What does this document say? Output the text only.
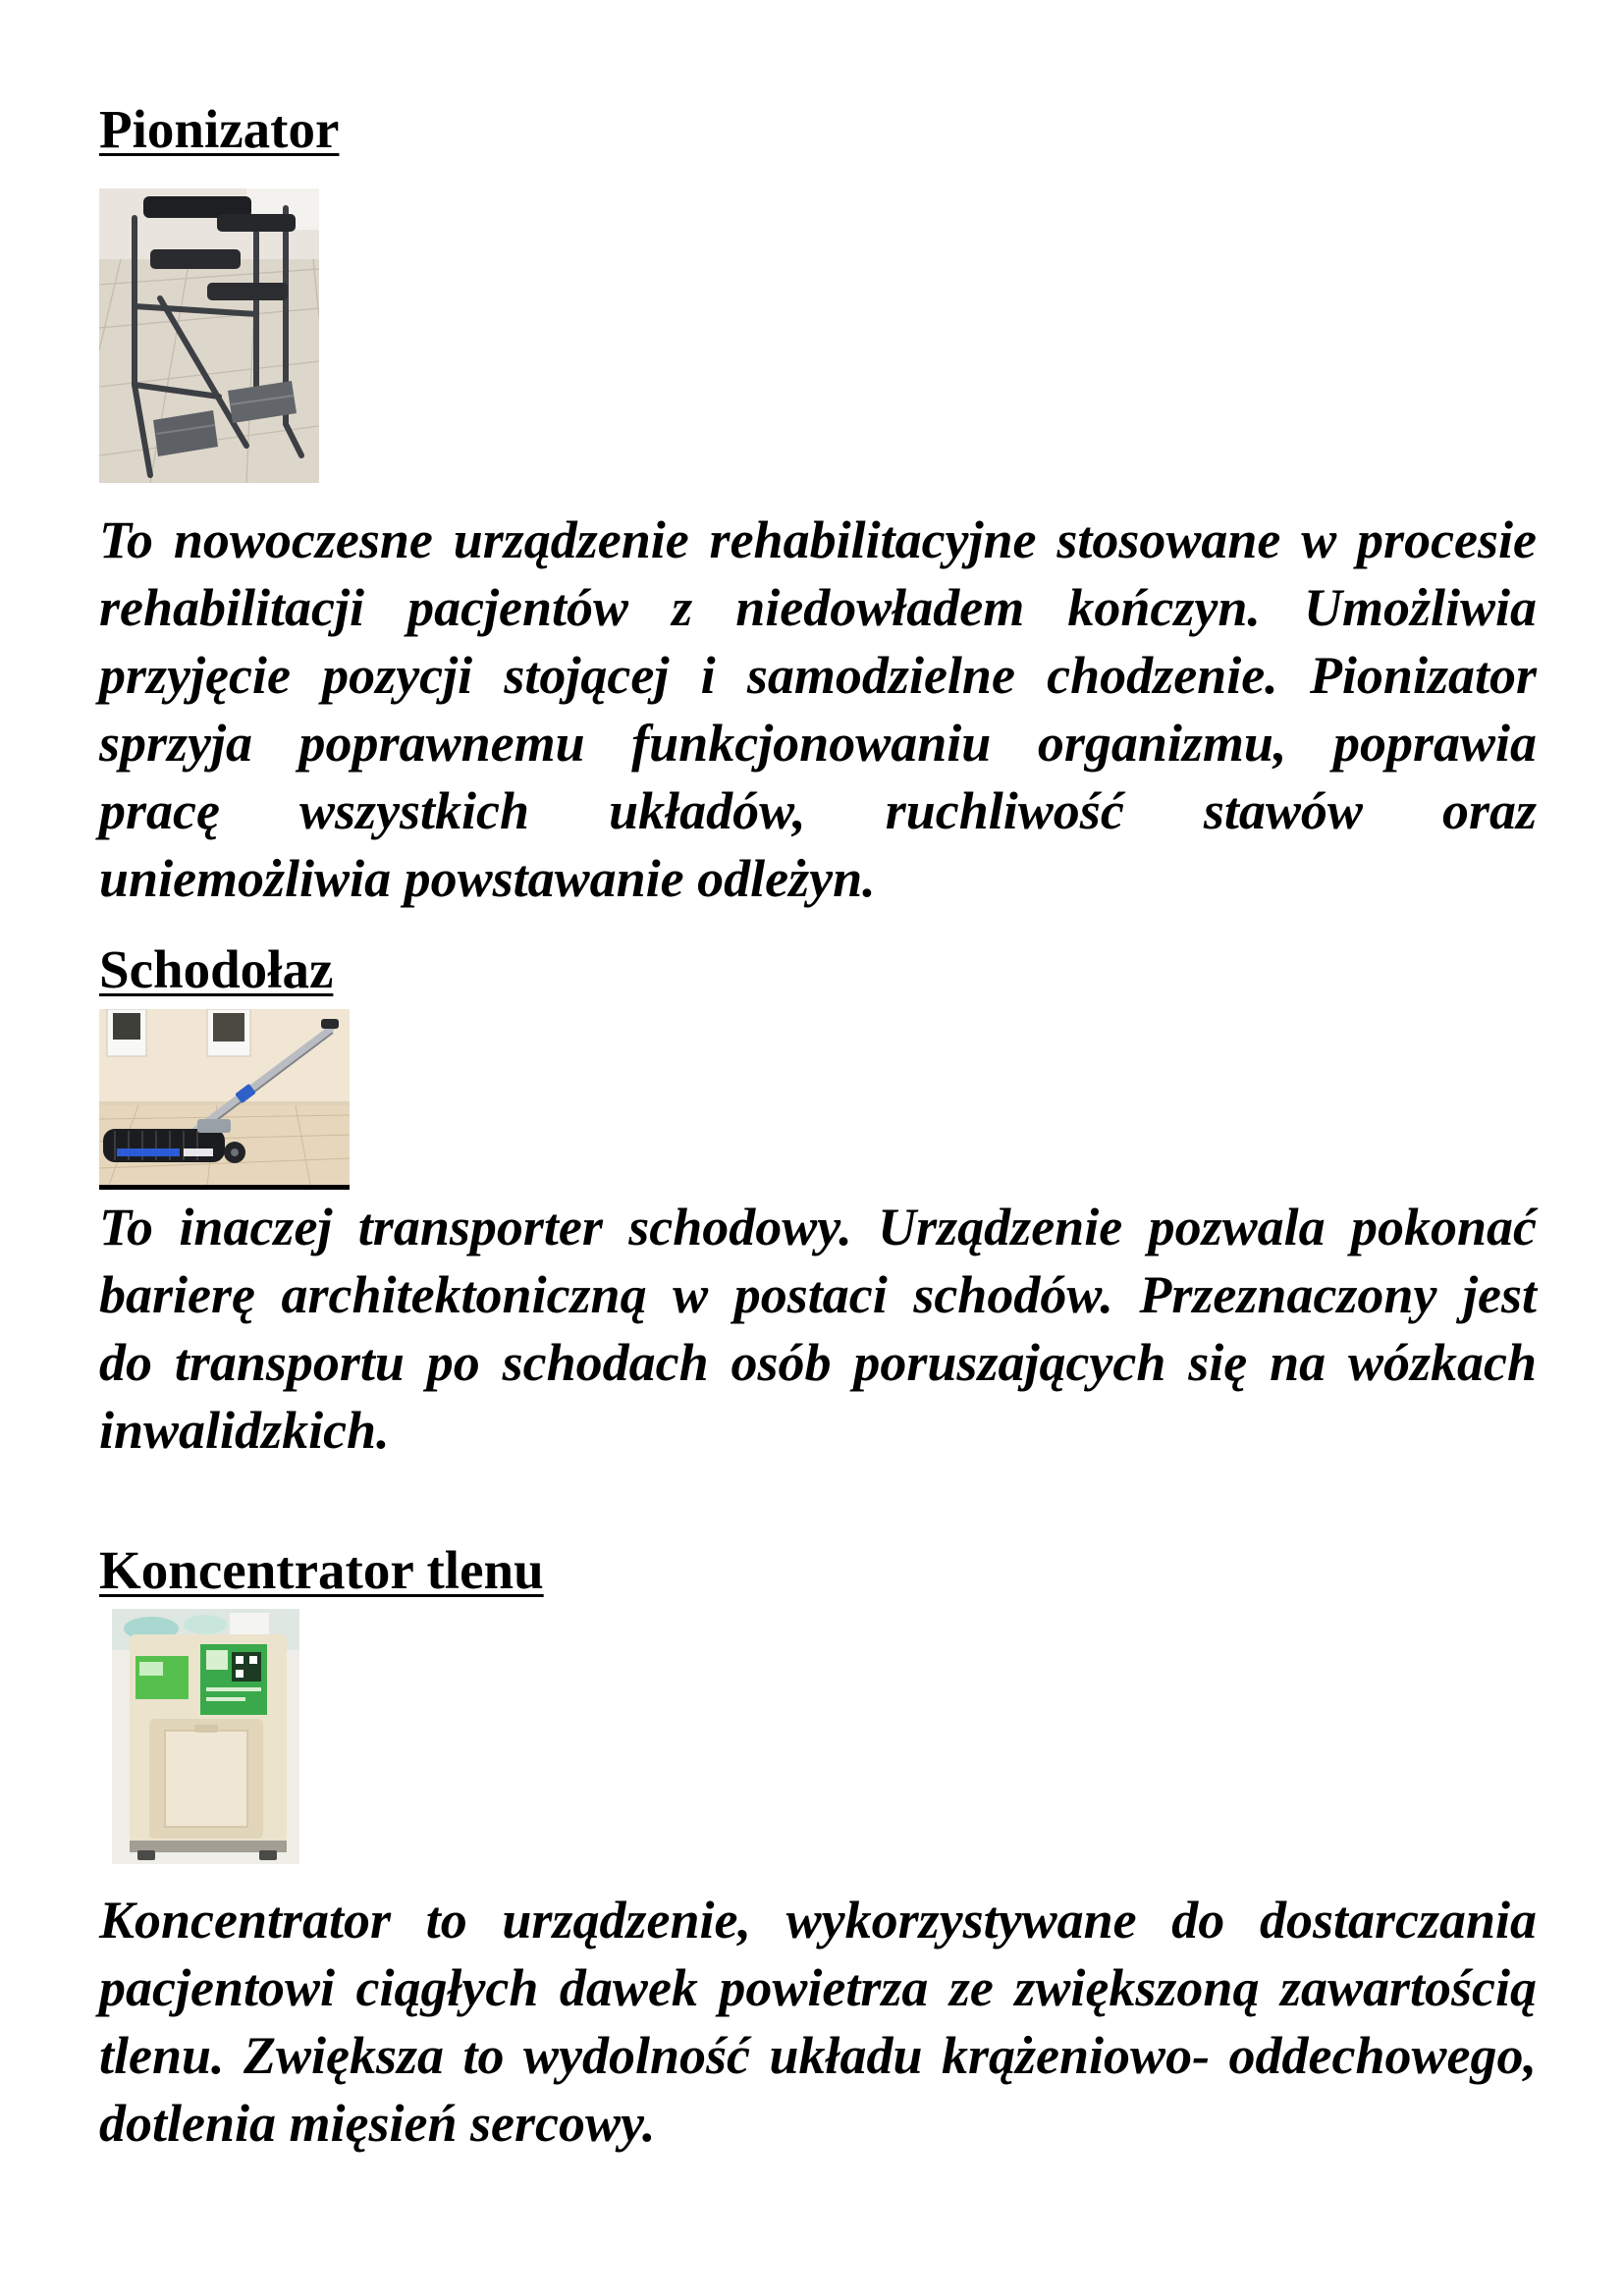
Pionizator
To nowoczesne urządzenie rehabilitacyjne stosowane w procesie
rehabilitacji pacjentów z niedowładem kończyn. Umożliwia
przyjęcie pozycji stojącej i samodzielne chodzenie. Pionizator
sprzyja poprawnemu funkcjonowaniu organizmu, poprawia
pracę wszystkich układów, ruchliwość stawów oraz
uniemożliwia powstawanie odleżyn.
Schodołaz
To inaczej transporter schodowy. Urządzenie pozwala pokonać
barierę architektoniczną w postaci schodów. Przeznaczony jest
do transportu po schodach osób poruszających się na wózkach
inwalidzkich.
Koncentrator tlenu
Koncentrator to urządzenie, wykorzystywane do dostarczania
pacjentowi ciągłych dawek powietrza ze zwiększoną zawartością
tlenu. Zwiększa to wydolność układu krążeniowo- oddechowego,
dotlenia mięsień sercowy.
